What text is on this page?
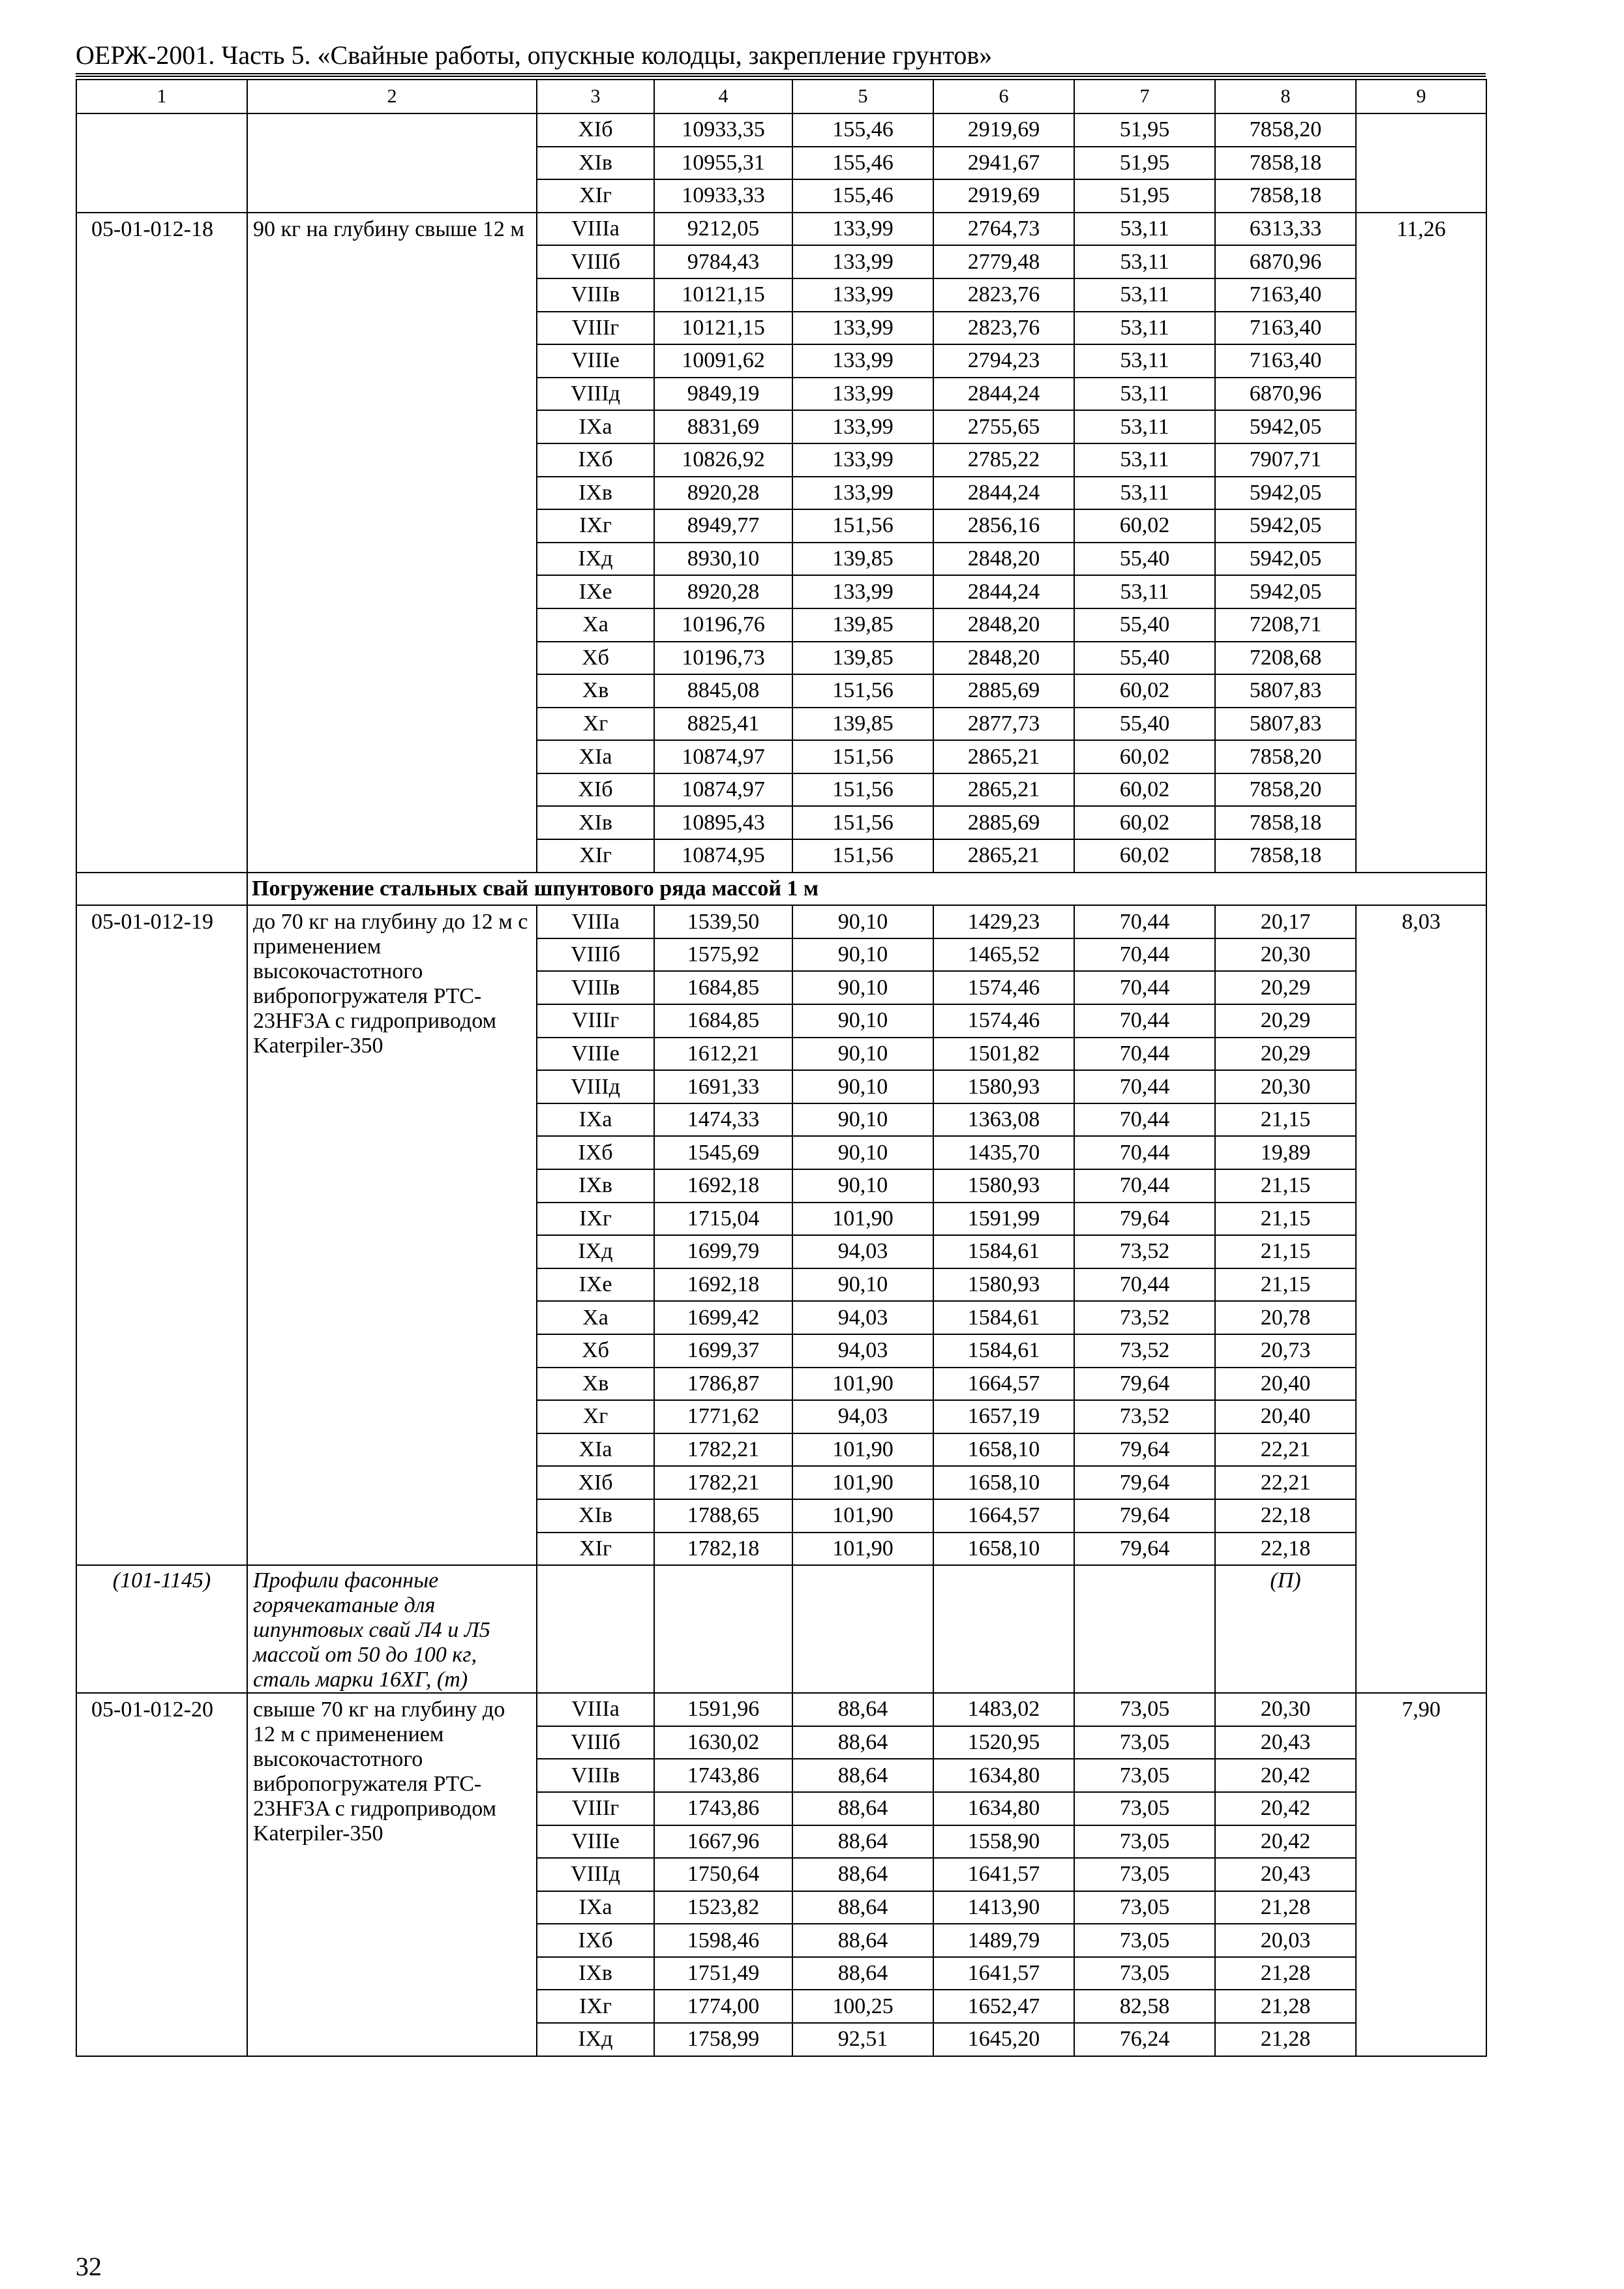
ОЕРЖ-2001. Часть 5. «Свайные работы, опускные колодцы, закрепление грунтов»
1	2	3	4	5	6	7	8	9
		XIб	10933,35	155,46	2919,69	51,95	7858,20	
		XIв	10955,31	155,46	2941,67	51,95	7858,18	
		XIг	10933,33	155,46	2919,69	51,95	7858,18	
05-01-012-18	90 кг на глубину свыше 12 м	VIIIа	9212,05	133,99	2764,73	53,11	6313,33	11,26
		VIIIб	9784,43	133,99	2779,48	53,11	6870,96	
		VIIIв	10121,15	133,99	2823,76	53,11	7163,40	
		VIIIг	10121,15	133,99	2823,76	53,11	7163,40	
		VIIIе	10091,62	133,99	2794,23	53,11	7163,40	
		VIIIд	9849,19	133,99	2844,24	53,11	6870,96	
		IXа	8831,69	133,99	2755,65	53,11	5942,05	
		IXб	10826,92	133,99	2785,22	53,11	7907,71	
		IXв	8920,28	133,99	2844,24	53,11	5942,05	
		IXг	8949,77	151,56	2856,16	60,02	5942,05	
		IXд	8930,10	139,85	2848,20	55,40	5942,05	
		IXе	8920,28	133,99	2844,24	53,11	5942,05	
		Xа	10196,76	139,85	2848,20	55,40	7208,71	
		Xб	10196,73	139,85	2848,20	55,40	7208,68	
		Xв	8845,08	151,56	2885,69	60,02	5807,83	
		Xг	8825,41	139,85	2877,73	55,40	5807,83	
		XIа	10874,97	151,56	2865,21	60,02	7858,20	
		XIб	10874,97	151,56	2865,21	60,02	7858,20	
		XIв	10895,43	151,56	2885,69	60,02	7858,18	
		XIг	10874,95	151,56	2865,21	60,02	7858,18	
	Погружение стальных свай шпунтового ряда массой 1 м							
05-01-012-19	до 70 кг на глубину до 12 м с применением высокочастотного вибропогружателя PTC-23HF3A с гидроприводом Katerpiler-350	VIIIа	1539,50	90,10	1429,23	70,44	20,17	8,03
		VIIIб	1575,92	90,10	1465,52	70,44	20,30	
		VIIIв	1684,85	90,10	1574,46	70,44	20,29	
		VIIIг	1684,85	90,10	1574,46	70,44	20,29	
		VIIIе	1612,21	90,10	1501,82	70,44	20,29	
		VIIIд	1691,33	90,10	1580,93	70,44	20,30	
		IXа	1474,33	90,10	1363,08	70,44	21,15	
		IXб	1545,69	90,10	1435,70	70,44	19,89	
		IXв	1692,18	90,10	1580,93	70,44	21,15	
		IXг	1715,04	101,90	1591,99	79,64	21,15	
		IXд	1699,79	94,03	1584,61	73,52	21,15	
		IXе	1692,18	90,10	1580,93	70,44	21,15	
		Xа	1699,42	94,03	1584,61	73,52	20,78	
		Xб	1699,37	94,03	1584,61	73,52	20,73	
		Xв	1786,87	101,90	1664,57	79,64	20,40	
		Xг	1771,62	94,03	1657,19	73,52	20,40	
		XIа	1782,21	101,90	1658,10	79,64	22,21	
		XIб	1782,21	101,90	1658,10	79,64	22,21	
		XIв	1788,65	101,90	1664,57	79,64	22,18	
		XIг	1782,18	101,90	1658,10	79,64	22,18	

(101-1145)	Профили фасонные горячекатаные для шпунтовых свай Л4 и Л5 массой от 50 до 100 кг, сталь марки 16ХГ, (т)						(П)	
05-01-012-20	свыше 70 кг на глубину до 12 м с применением высокочастотного вибропогружателя PTC-23HF3A с гидроприводом Katerpiler-350	VIIIа	1591,96	88,64	1483,02	73,05	20,30	7,90
		VIIIб	1630,02	88,64	1520,95	73,05	20,43	
		VIIIв	1743,86	88,64	1634,80	73,05	20,42	
		VIIIг	1743,86	88,64	1634,80	73,05	20,42	
		VIIIе	1667,96	88,64	1558,90	73,05	20,42	
		VIIIд	1750,64	88,64	1641,57	73,05	20,43	
		IXа	1523,82	88,64	1413,90	73,05	21,28	
		IXб	1598,46	88,64	1489,79	73,05	20,03	
		IXв	1751,49	88,64	1641,57	73,05	21,28	
		IXг	1774,00	100,25	1652,47	82,58	21,28	
		IXд	1758,99	92,51	1645,20	76,24	21,28	
32
